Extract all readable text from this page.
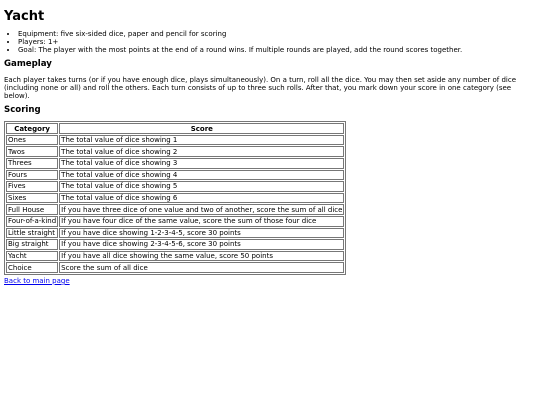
Yacht
• Equipment: five six-sided dice, paper and pencil for scoring
• Players: 1+
• Goal: The player with the most points at the end of a round wins. If multiple rounds are played, add the round scores together.
Gameplay

Each player takes turns (or if you have enough dice, plays simultaneously). On a turn, roll all the dice. You may then set aside any number of dice (including none or all) and roll the others. Each turn consists of up to three such rolls. After that, you mark down your score in one category (see below).

Scoring
Category	Score
Ones	The total value of dice showing 1
Twos	The total value of dice showing 2
Threes	The total value of dice showing 3
Fours	The total value of dice showing 4
Fives	The total value of dice showing 5
Sixes	The total value of dice showing 6
Full House	If you have three dice of one value and two of another, score the sum of all dice
Four-of-a-kind	If you have four dice of the same value, score the sum of those four dice
Little straight	If you have dice showing 1-2-3-4-5, score 30 points
Big straight	If you have dice showing 2-3-4-5-6, score 30 points
Yacht	If you have all dice showing the same value, score 50 points
Choice	Score the sum of all dice
Back to main page
